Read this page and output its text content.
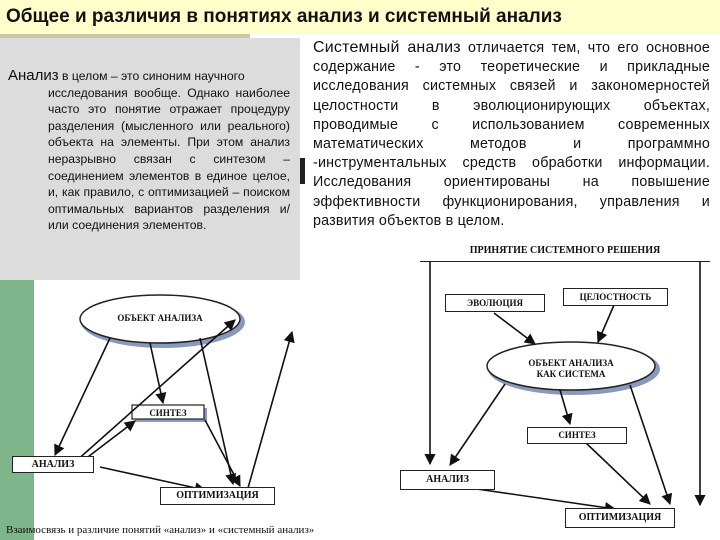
Общее и различия в понятиях анализ и системный анализ
Анализ в целом – это синоним научного
исследования вообще. Однако наиболее часто это понятие отражает процедуру разделения (мысленного или реального) объекта на элементы. При этом анализ неразрывно связан с синтезом – соединением элементов в единое целое, и, как правило, с оптимизацией – поиском оптимальных вариантов разделения и/или соединения элементов.
Системный анализ отличается тем, что его основное содержание - это теоретические и прикладные исследования системных связей и закономерностей целостности в эволюционирующих объектах, проводимые с использованием современных математических методов и программно -инструментальных средств обработки информации. Исследования ориентированы на повышение эффективности функционирования, управления и развития объектов в целом.
ОБЪЕКТ АНАЛИЗА
СИНТЕЗ
АНАЛИЗ
ОПТИМИЗАЦИЯ
ПРИНЯТИЕ СИСТЕМНОГО РЕШЕНИЯ
ЭВОЛЮЦИЯ
ЦЕЛОСТНОСТЬ
ОБЪЕКТ АНАЛИЗА КАК СИСТЕМА
СИНТЕЗ
АНАЛИЗ
ОПТИМИЗАЦИЯ
Взаимосвязь и различие понятий «анализ» и «системный анализ»
